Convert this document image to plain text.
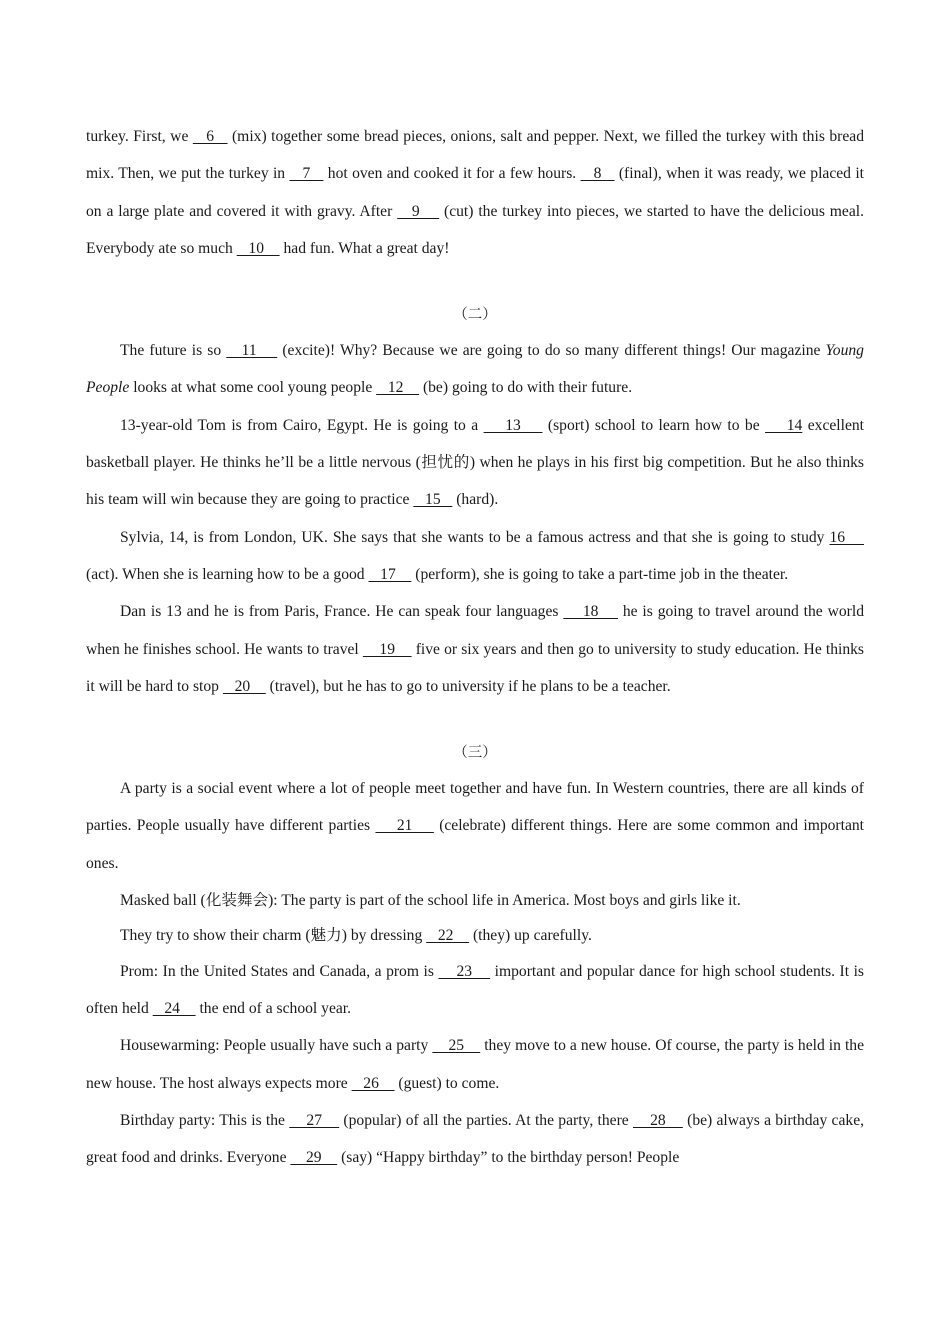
turkey. First, we    6    (mix) together some bread pieces, onions, salt and pepper. Next, we filled the turkey with this bread mix. Then, we put the turkey in    7    hot oven and cooked it for a few hours.    8    (final), when it was ready, we placed it on a large plate and covered it with gravy. After    9     (cut) the turkey into pieces, we started to have the delicious meal. Everybody ate so much    10     had fun. What a great day!

（二）

The future is so    11     (excite)! Why? Because we are going to do so many different things! Our magazine Young People looks at what some cool young people    12     (be) going to do with their future.

13-year-old Tom is from Cairo, Egypt. He is going to a     13     (sport) school to learn how to be     14 excellent basketball player. He thinks he’ll be a little nervous (担忧的) when he plays in his first big competition. But he also thinks his team will win because they are going to practice    15    (hard).

Sylvia, 14, is from London, UK. She says that she wants to be a famous actress and that she is going to study 16     (act). When she is learning how to be a good    17     (perform), she is going to take a part-time job in the theater.

Dan is 13 and he is from Paris, France. He can speak four languages     18     he is going to travel around the world when he finishes school. He wants to travel     19     five or six years and then go to university to study education. He thinks it will be hard to stop    20     (travel), but he has to go to university if he plans to be a teacher.

（三）

A party is a social event where a lot of people meet together and have fun. In Western countries, there are all kinds of parties. People usually have different parties     21     (celebrate) different things. Here are some common and important ones.

Masked ball (化装舞会): The party is part of the school life in America. Most boys and girls like it.

They try to show their charm (魅力) by dressing    22     (they) up carefully.

Prom: In the United States and Canada, a prom is     23     important and popular dance for high school students. It is often held    24     the end of a school year.

Housewarming: People usually have such a party     25     they move to a new house. Of course, the party is held in the new house. The host always expects more    26     (guest) to come.

Birthday party: This is the     27     (popular) of all the parties. At the party, there     28     (be) always a birthday cake, great food and drinks. Everyone     29     (say) “Happy birthday” to the birthday person! People
